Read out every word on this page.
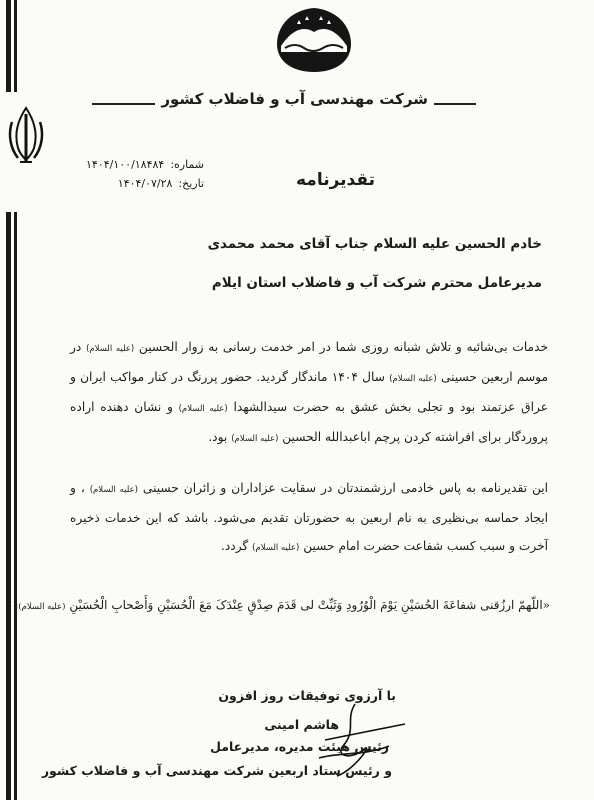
شرکت مهندسی آب و فاضلاب کشور
شماره:
۱۴۰۴/۱۰۰/۱۸۴۸۴
تاریخ:
۱۴۰۴/۰۷/۲۸	تقدیرنامه
خادم الحسین علیه السلام جناب آقای محمد محمدی
مدیرعامل محترم شرکت آب و فاضلاب استان ایلام
خدمات بی‌شائبه و تلاش شبانه روزی شما در امر خدمت رسانی به زوار الحسین (علیه السلام) در موسم اربعین حسینی (علیه السلام) سال ۱۴۰۴ ماندگار گردید. حضور پررنگ در کنار مواکب ایران و عراق عزتمند بود و تجلی بخش عشق به حضرت سیدالشهدا (علیه السلام) و نشان دهنده اراده پروردگار برای افراشته کردن پرچم اباعبدالله الحسین (علیه السلام) بود.
این تقدیرنامه به پاس خادمی ارزشمندتان در سقایت عزاداران و زائران حسینی (علیه السلام) ، و ایجاد حماسه بی‌نظیری به نام اربعین به حضورتان تقدیم می‌شود. باشد که این خدمات ذخیره آخرت و سبب کسب شفاعت حضرت امام حسین (علیه السلام) گردد.
«اللّهمّ ارزُقنی شفاعَةَ الحُسَیْنِ یَوْمَ الْوُرُودِ وَثَبِّتْ لی قَدَمَ صِدْقٍ عِنْدَکَ مَعَ الْحُسَیْنِ وَأَصْحابِ الْحُسَیْنِ (علیه السلام)»
با آرزوی توفیقات روز افزون
هاشم امینی
رئیس هیئت مدیره، مدیرعامل
و رئیس ستاد اربعین شرکت مهندسی آب و فاضلاب کشور
